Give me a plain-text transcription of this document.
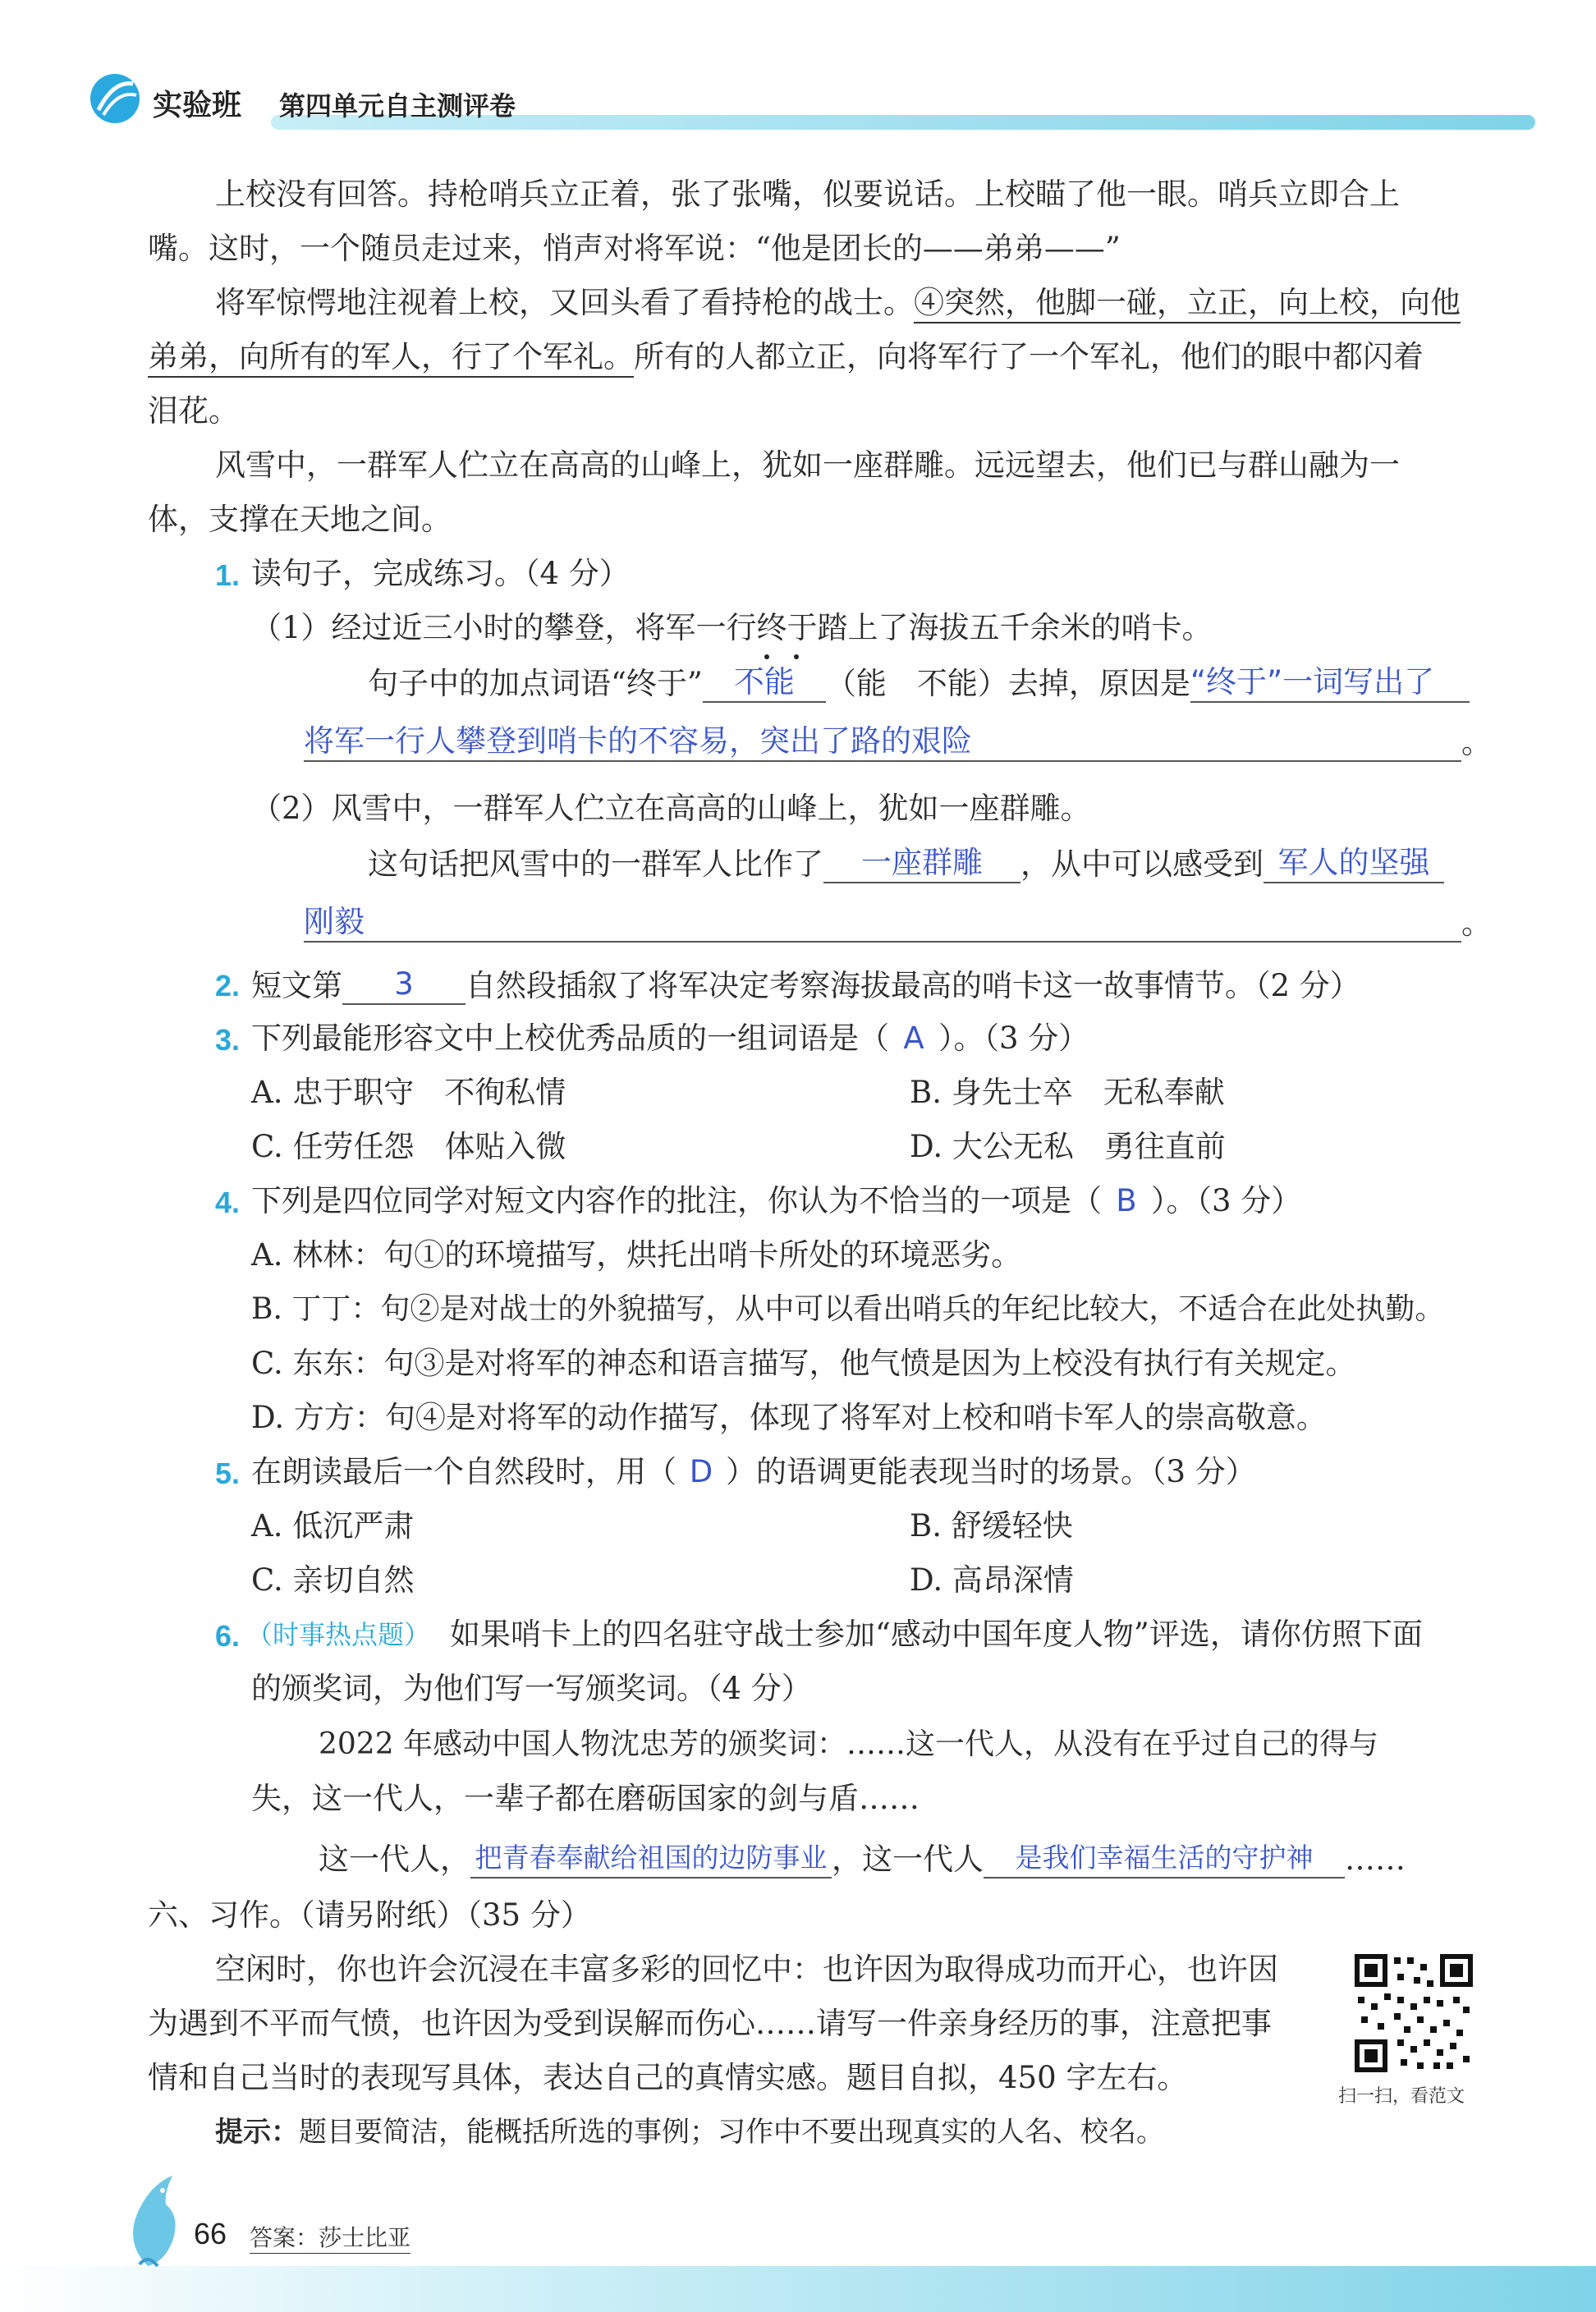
实验班 第四单元自主测评卷
上校没有回答。持枪哨兵立正着，张了张嘴，似要说话。上校瞄了他一眼。哨兵立即合上
嘴。这时，一个随员走过来，悄声对将军说：“他是团长的——弟弟——”
将军惊愕地注视着上校，又回头看了看持枪的战士。④突然，他脚一碰，立正，向上校，向他
弟弟，向所有的军人，行了个军礼。所有的人都立正，向将军行了一个军礼，他们的眼中都闪着
泪花。
风雪中，一群军人伫立在高高的山峰上，犹如一座群雕。远远望去，他们已与群山融为一
体，支撑在天地之间。
1. 读句子，完成练习。（4 分）
（1）经过近三小时的攀登，将军一行终于踏上了海拔五千余米的哨卡。
句子中的加点词语“终于” 不能 （能　不能）去掉，原因是“终于”一词写出了
将军一行人攀登到哨卡的不容易，突出了路的艰险	。
（2）风雪中，一群军人伫立在高高的山峰上，犹如一座群雕。
这句话把风雪中的一群军人比作了 一座群雕 ，从中可以感受到 军人的坚强
刚毅	。
2. 短文第 3 自然段插叙了将军决定考察海拔最高的哨卡这一故事情节。（2 分）
3. 下列最能形容文中上校优秀品质的一组词语是（ A ）。（3 分）
A. 忠于职守　不徇私情	B. 身先士卒　无私奉献
C. 任劳任怨　体贴入微	D. 大公无私　勇往直前
4. 下列是四位同学对短文内容作的批注，你认为不恰当的一项是（ B ）。（3 分）
A. 林林：句①的环境描写，烘托出哨卡所处的环境恶劣。
B. 丁丁：句②是对战士的外貌描写，从中可以看出哨兵的年纪比较大，不适合在此处执勤。
C. 东东：句③是对将军的神态和语言描写，他气愤是因为上校没有执行有关规定。
D. 方方：句④是对将军的动作描写，体现了将军对上校和哨卡军人的崇高敬意。
5. 在朗读最后一个自然段时，用（ D ）的语调更能表现当时的场景。（3 分）
A. 低沉严肃	B. 舒缓轻快
C. 亲切自然	D. 高昂深情
6. （时事热点题） 如果哨卡上的四名驻守战士参加“感动中国年度人物”评选，请你仿照下面
的颁奖词，为他们写一写颁奖词。（4 分）
2022 年感动中国人物沈忠芳的颁奖词：……这一代人，从没有在乎过自己的得与
失，这一代人，一辈子都在磨砺国家的剑与盾……
这一代人， 把青春奉献给祖国的边防事业 ，这一代人 是我们幸福生活的守护神 ……
六、习作。（请另附纸）（35 分）
空闲时，你也许会沉浸在丰富多彩的回忆中：也许因为取得成功而开心，也许因
为遇到不平而气愤，也许因为受到误解而伤心……请写一件亲身经历的事，注意把事
情和自己当时的表现写具体，表达自己的真情实感。题目自拟，450 字左右。
提示：题目要简洁，能概括所选的事例；习作中不要出现真实的人名、校名。
扫一扫，看范文
66 答案：莎士比亚
